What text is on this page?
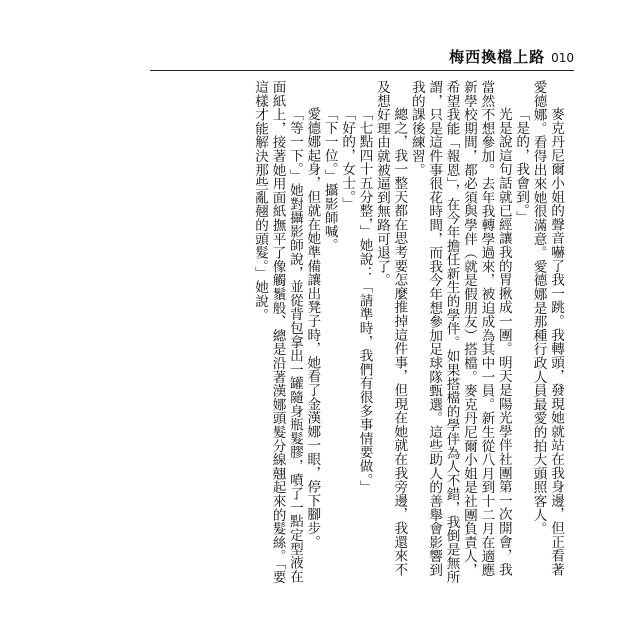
梅西換檔上路 010

麥克丹尼爾小姐的聲音嚇了我一跳。我轉頭，發現她就站在我身邊，但正看著愛德娜。看得出來她很滿意。愛德娜是那種行政人員最愛的拍大頭照客人。

「是的，我會到。」

光是說這句話就已經讓我的胃揪成一團。明天是陽光學伴社團第一次開會，我當然不想參加。去年我轉學過來，被迫成為其中一員。新生從八月到十二月在適應新學校期間，都必須與學伴（就是假朋友）搭檔。麥克丹尼爾小姐是社團負責人，希望我能「報恩」，在今年擔任新生的學伴。如果搭檔的學伴為人不錯，我倒是無所謂，只是這件事很花時間，而我今年想參加足球隊甄選。這些助人的善舉會影響到我的課後練習。

總之，我一整天都在思考要怎麼推掉這件事，但現在她就在我旁邊，我還來不及想好理由就被逼到無路可退了。

「七點四十五分整，」她說：「請準時，我們有很多事情要做。」

「好的，女士。」

「下一位。」攝影師喊。

愛德娜起身，但就在她準備讓出凳子時，她看了金漢娜一眼，停下腳步。

「等一下。」她對攝影師說，並從背包拿出一罐隨身瓶髮膠，噴了一點定型液在面紙上，接著她用面紙撫平了像觸鬚般、總是沿著漢娜頭髮分線翹起來的髮絲。「要這樣才能解決那些亂翹的頭髮。」她說。
